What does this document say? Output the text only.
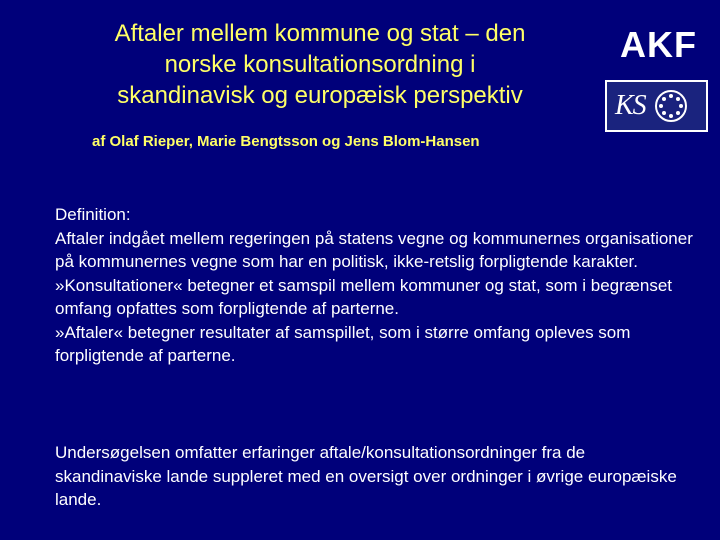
Aftaler mellem kommune og stat – den
norske konsultationsordning i
skandinavisk og europæisk perspektiv
AKF
KS
af Olaf Rieper, Marie Bengtsson og Jens Blom-Hansen

Definition:

Aftaler indgået mellem regeringen på statens vegne og kommunernes organisationer på kommunernes vegne som har en politisk, ikke-retslig forpligtende karakter.

»Konsultationer« betegner et samspil mellem kommuner og stat, som i begrænset omfang opfattes som forpligtende af parterne.

»Aftaler« betegner resultater af samspillet, som i større omfang opleves som forpligtende af parterne.

Undersøgelsen omfatter erfaringer aftale/konsultationsordninger fra de skandinaviske lande suppleret med en oversigt over ordninger i øvrige europæiske lande.
